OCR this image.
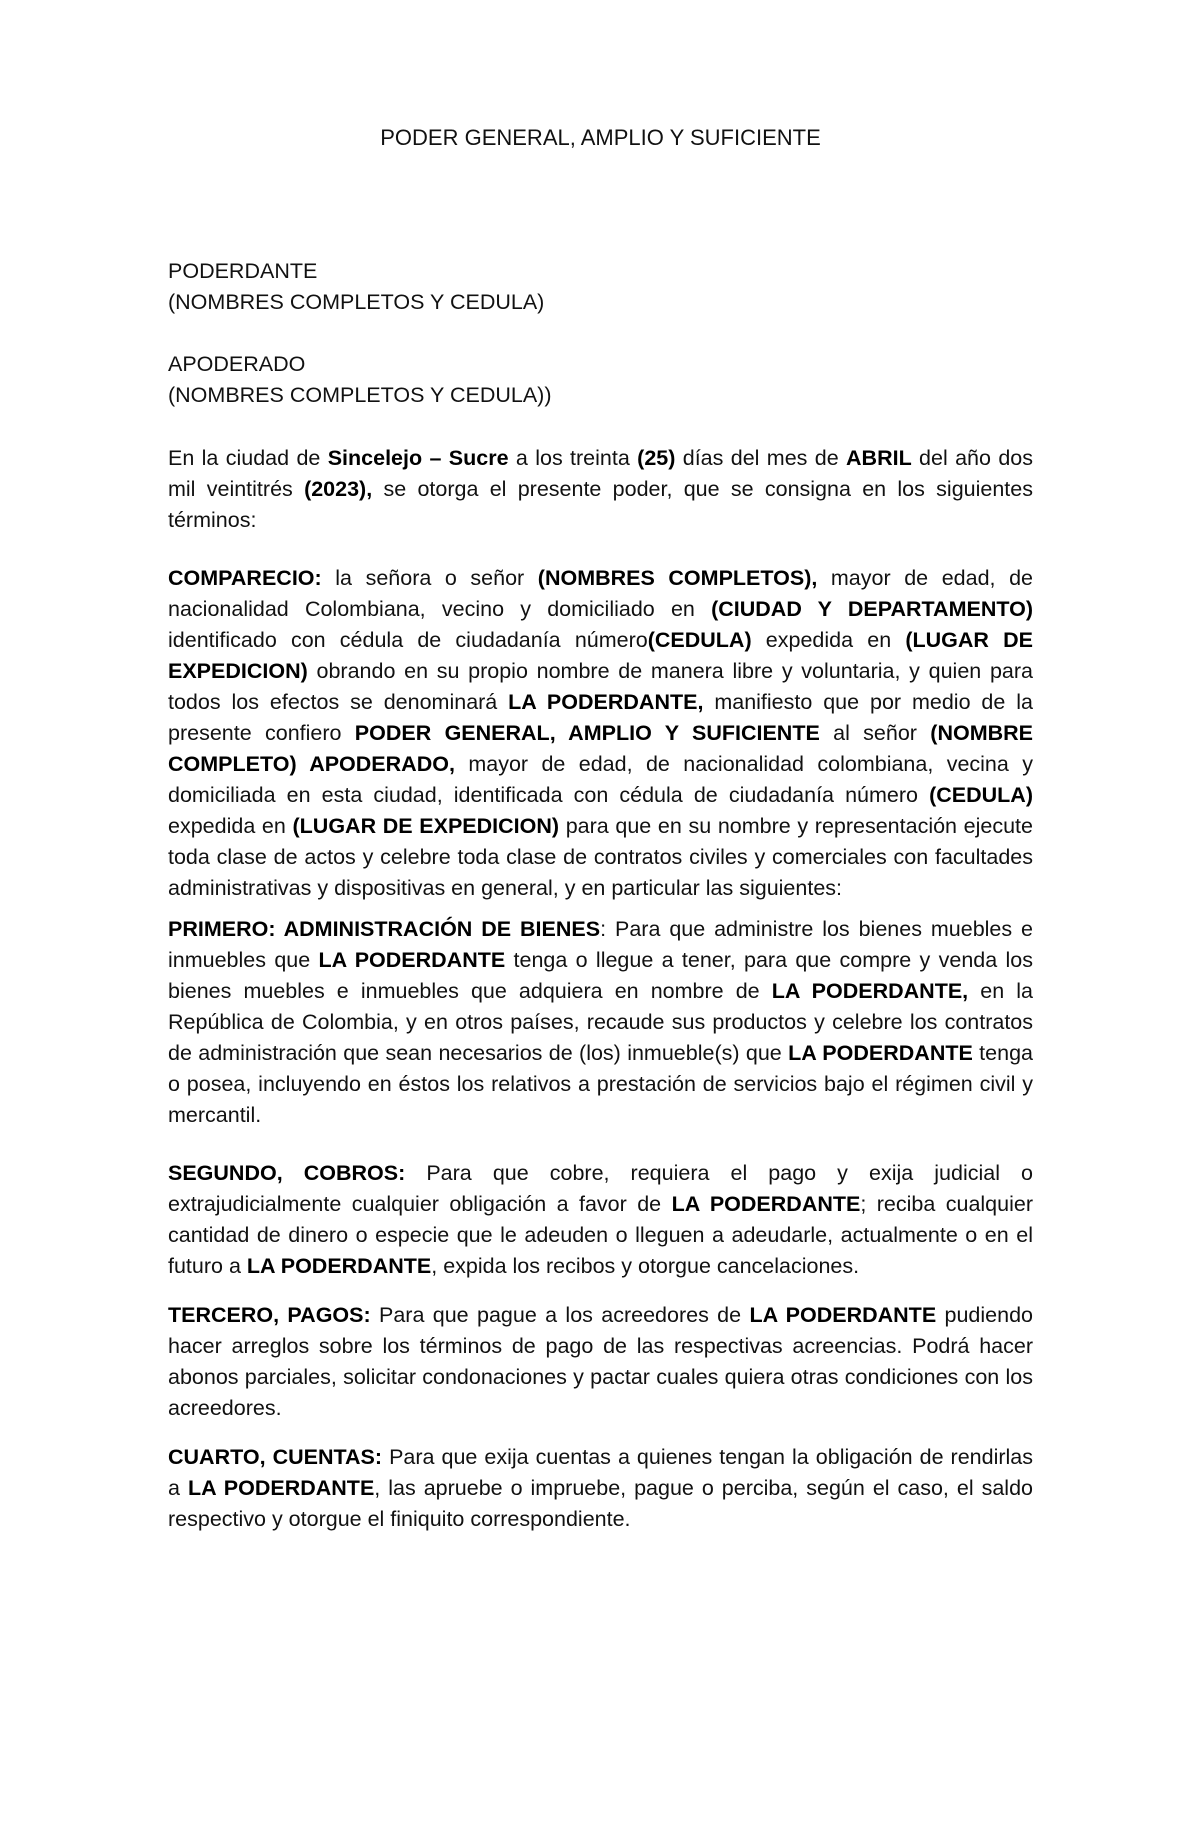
PODER GENERAL, AMPLIO Y SUFICIENTE
PODERDANTE
(NOMBRES COMPLETOS Y CEDULA)
APODERADO
(NOMBRES COMPLETOS Y CEDULA))

En la ciudad de Sincelejo – Sucre a los treinta (25) días del mes de ABRIL del año dos mil veintitrés (2023), se otorga el presente poder, que se consigna en los siguientes términos:

COMPARECIO: la señora o señor (NOMBRES COMPLETOS), mayor de edad, de nacionalidad Colombiana, vecino y domiciliado en (CIUDAD Y DEPARTAMENTO) identificado con cédula de ciudadanía número(CEDULA) expedida en (LUGAR DE EXPEDICION) obrando en su propio nombre de manera libre y voluntaria, y quien para todos los efectos se denominará LA PODERDANTE, manifiesto que por medio de la presente confiero PODER GENERAL, AMPLIO Y SUFICIENTE al señor (NOMBRE COMPLETO) APODERADO, mayor de edad, de nacionalidad colombiana, vecina y domiciliada en esta ciudad, identificada con cédula de ciudadanía número (CEDULA) expedida en (LUGAR DE EXPEDICION) para que en su nombre y representación ejecute toda clase de actos y celebre toda clase de contratos civiles y comerciales con facultades administrativas y dispositivas en general, y en particular las siguientes:

PRIMERO: ADMINISTRACIÓN DE BIENES: Para que administre los bienes muebles e inmuebles que LA PODERDANTE tenga o llegue a tener, para que compre y venda los bienes muebles e inmuebles que adquiera en nombre de LA PODERDANTE, en la República de Colombia, y en otros países, recaude sus productos y celebre los contratos de administración que sean necesarios de (los) inmueble(s) que LA PODERDANTE tenga o posea, incluyendo en éstos los relativos a prestación de servicios bajo el régimen civil y mercantil.

SEGUNDO, COBROS: Para que cobre, requiera el pago y exija judicial o extrajudicialmente cualquier obligación a favor de LA PODERDANTE; reciba cualquier cantidad de dinero o especie que le adeuden o lleguen a adeudarle, actualmente o en el futuro a LA PODERDANTE, expida los recibos y otorgue cancelaciones.

TERCERO, PAGOS: Para que pague a los acreedores de LA PODERDANTE pudiendo hacer arreglos sobre los términos de pago de las respectivas acreencias. Podrá hacer abonos parciales, solicitar condonaciones y pactar cuales quiera otras condiciones con los acreedores.

CUARTO, CUENTAS: Para que exija cuentas a quienes tengan la obligación de rendirlas a LA PODERDANTE, las apruebe o impruebe, pague o perciba, según el caso, el saldo respectivo y otorgue el finiquito correspondiente.
